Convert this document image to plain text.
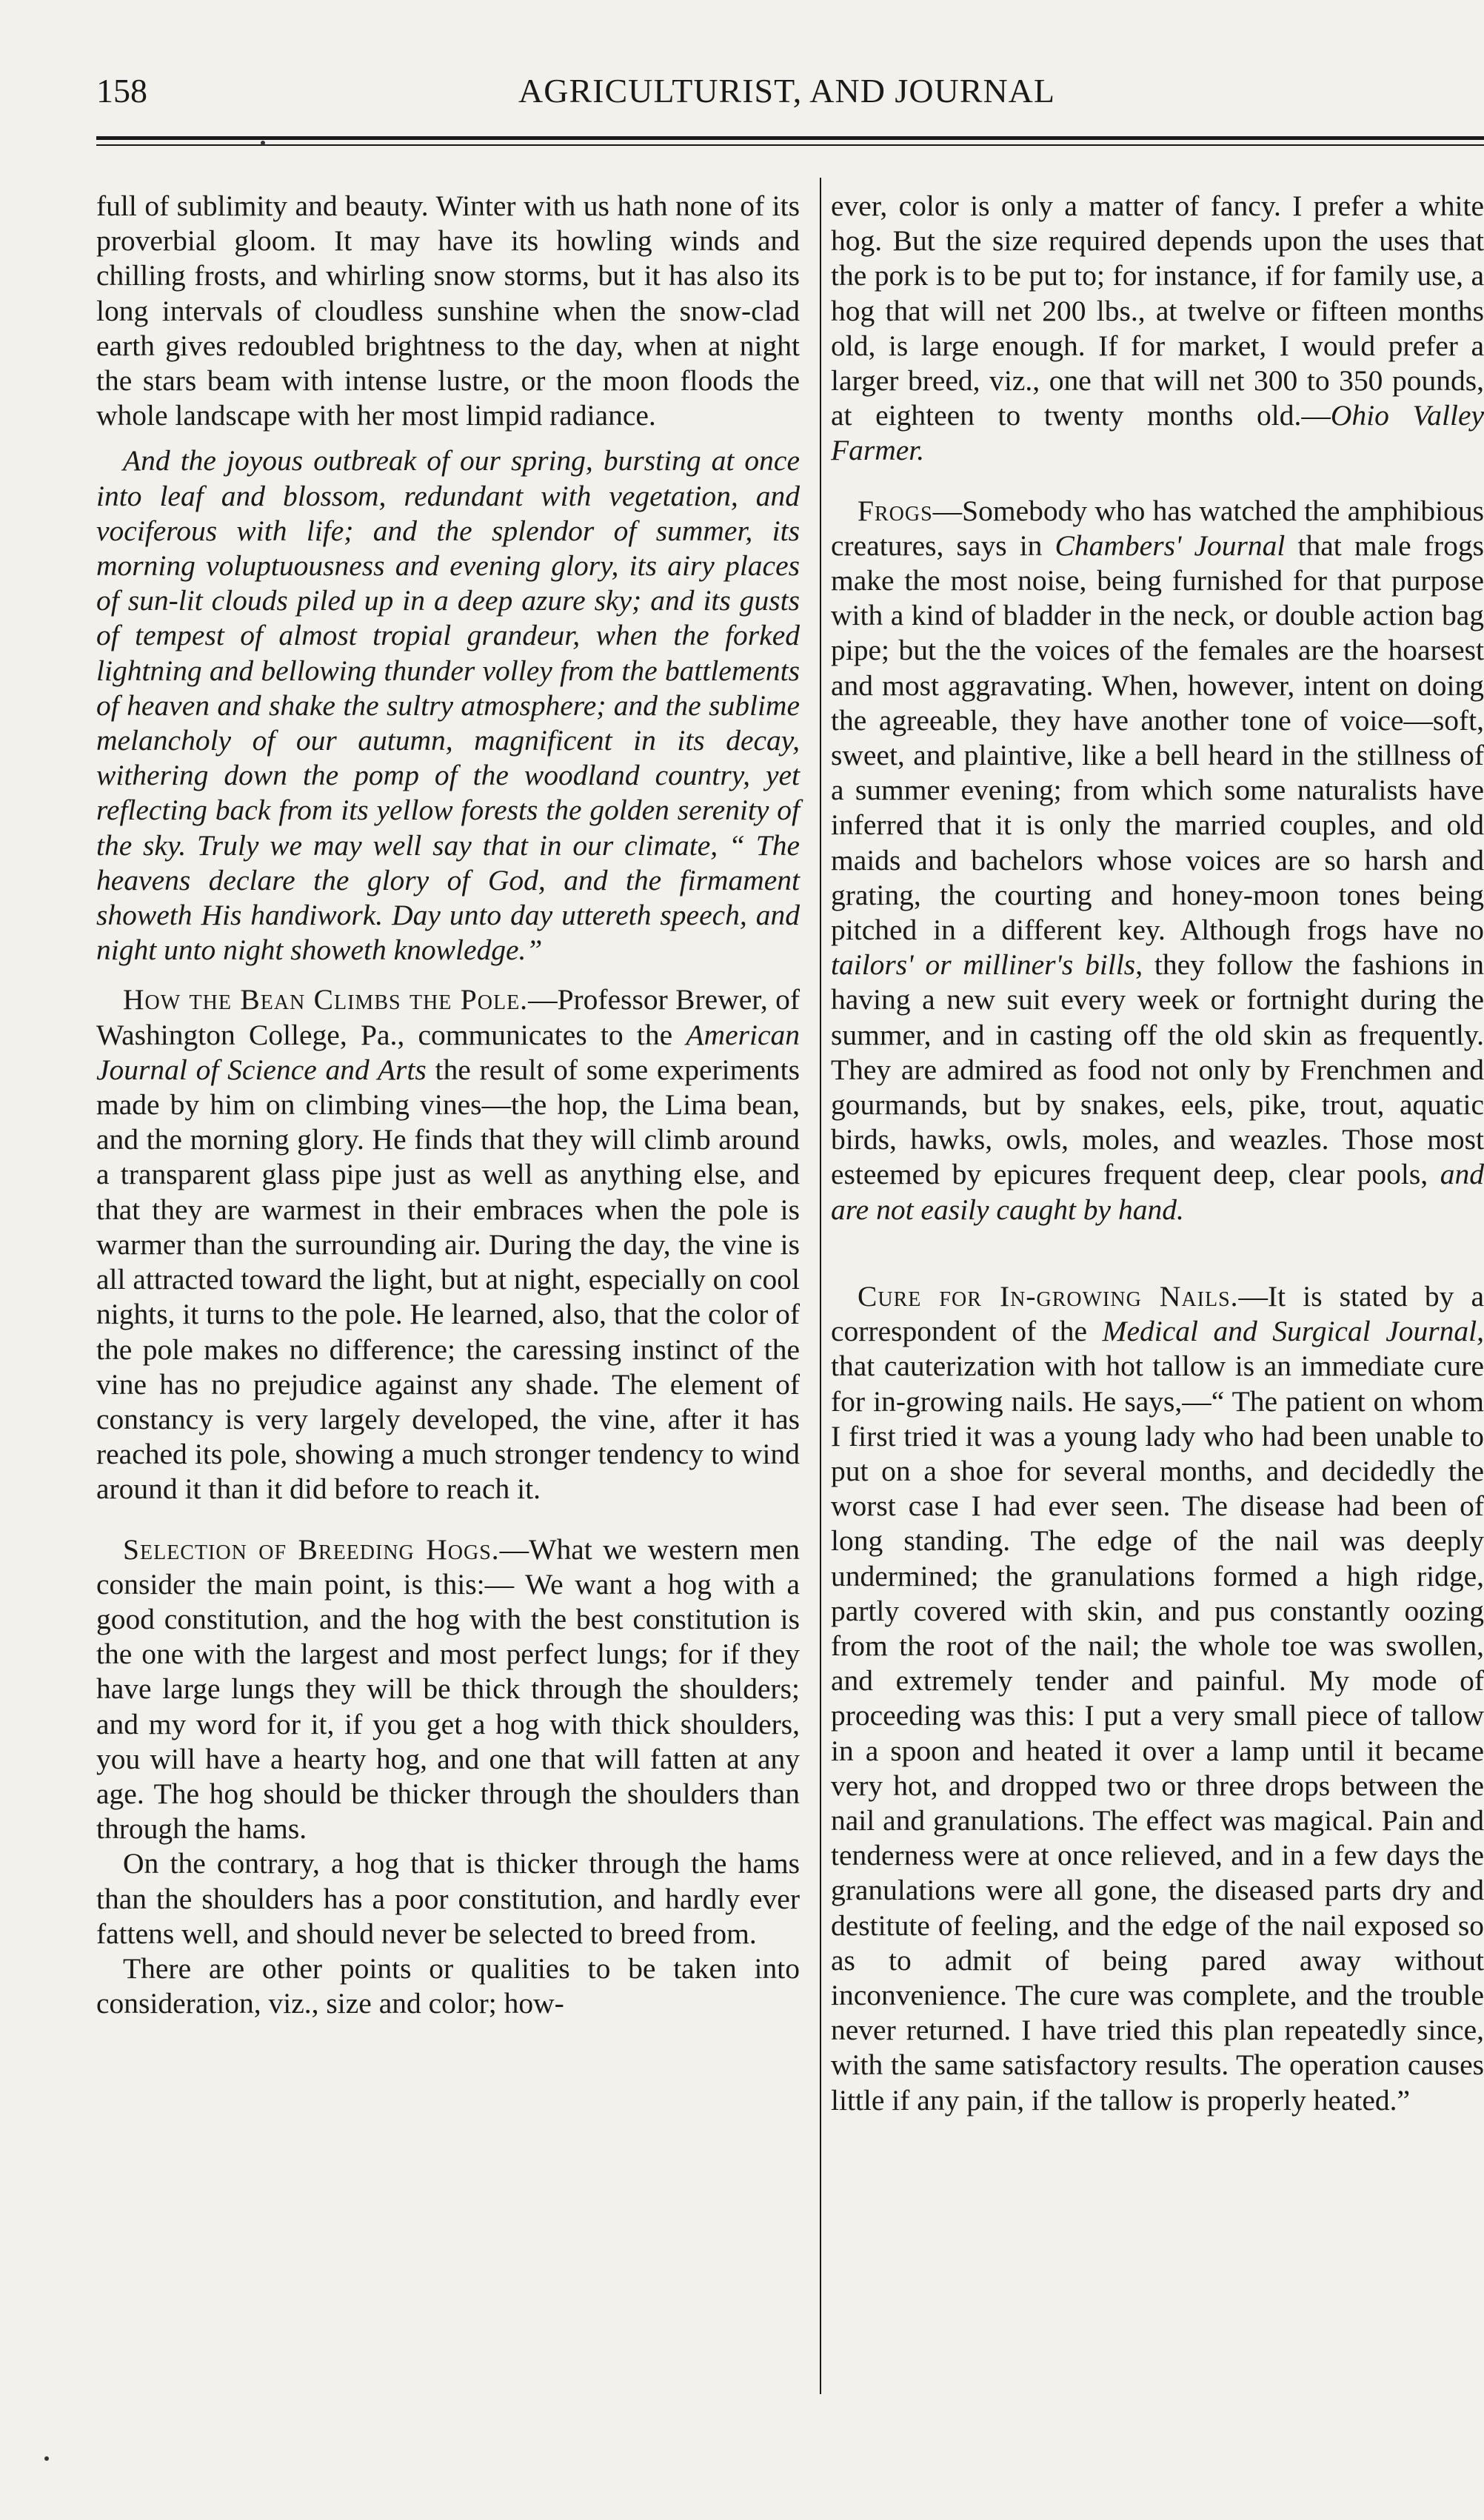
158	AGRICULTURIST, AND JOURNAL

full of sublimity and beauty. Winter with us hath none of its proverbial gloom. It may have its howling winds and chilling frosts, and whirling snow storms, but it has also its long intervals of cloudless sunshine when the snow-clad earth gives redoubled brightness to the day, when at night the stars beam with intense lustre, or the moon floods the whole landscape with her most limpid radiance.

And the joyous outbreak of our spring, bursting at once into leaf and blossom, redundant with vegetation, and vociferous with life; and the splendor of summer, its morning voluptuousness and evening glory, its airy places of sun-lit clouds piled up in a deep azure sky; and its gusts of tempest of almost tropial grandeur, when the forked lightning and bellowing thunder volley from the battlements of heaven and shake the sultry atmosphere; and the sublime melancholy of our autumn, magnificent in its decay, withering down the pomp of the woodland country, yet reflecting back from its yellow forests the golden serenity of the sky. Truly we may well say that in our climate, “ The heavens declare the glory of God, and the firmament showeth His handiwork. Day unto day uttereth speech, and night unto night showeth knowledge.”

How the Bean Climbs the Pole.—Professor Brewer, of Washington College, Pa., communicates to the American Journal of Science and Arts the result of some experiments made by him on climbing vines—the hop, the Lima bean, and the morning glory. He finds that they will climb around a transparent glass pipe just as well as anything else, and that they are warmest in their embraces when the pole is warmer than the surrounding air. During the day, the vine is all attracted toward the light, but at night, especially on cool nights, it turns to the pole. He learned, also, that the color of the pole makes no difference; the caressing instinct of the vine has no prejudice against any shade. The element of constancy is very largely developed, the vine, after it has reached its pole, showing a much stronger tendency to wind around it than it did before to reach it.

Selection of Breeding Hogs.—What we western men consider the main point, is this:— We want a hog with a good constitution, and the hog with the best constitution is the one with the largest and most perfect lungs; for if they have large lungs they will be thick through the shoulders; and my word for it, if you get a hog with thick shoulders, you will have a hearty hog, and one that will fatten at any age. The hog should be thicker through the shoulders than through the hams.

On the contrary, a hog that is thicker through the hams than the shoulders has a poor constitution, and hardly ever fattens well, and should never be selected to breed from.

There are other points or qualities to be taken into consideration, viz., size and color; how-

ever, color is only a matter of fancy. I prefer a white hog. But the size required depends upon the uses that the pork is to be put to; for instance, if for family use, a hog that will net 200 lbs., at twelve or fifteen months old, is large enough. If for market, I would prefer a larger breed, viz., one that will net 300 to 350 pounds, at eighteen to twenty months old.—Ohio Valley Farmer.

Frogs—Somebody who has watched the amphibious creatures, says in Chambers' Journal that male frogs make the most noise, being furnished for that purpose with a kind of bladder in the neck, or double action bag pipe; but the the voices of the females are the hoarsest and most aggravating. When, however, intent on doing the agreeable, they have another tone of voice—soft, sweet, and plaintive, like a bell heard in the stillness of a summer evening; from which some naturalists have inferred that it is only the married couples, and old maids and bachelors whose voices are so harsh and grating, the courting and honey-moon tones being pitched in a different key. Although frogs have no tailors' or milliner's bills, they follow the fashions in having a new suit every week or fortnight during the summer, and in casting off the old skin as frequently. They are admired as food not only by Frenchmen and gourmands, but by snakes, eels, pike, trout, aquatic birds, hawks, owls, moles, and weazles. Those most esteemed by epicures frequent deep, clear pools, and are not easily caught by hand.

Cure for In-growing Nails.—It is stated by a correspondent of the Medical and Surgical Journal, that cauterization with hot tallow is an immediate cure for in-growing nails. He says,—“ The patient on whom I first tried it was a young lady who had been unable to put on a shoe for several months, and decidedly the worst case I had ever seen. The disease had been of long standing. The edge of the nail was deeply undermined; the granulations formed a high ridge, partly covered with skin, and pus constantly oozing from the root of the nail; the whole toe was swollen, and extremely tender and painful. My mode of proceeding was this: I put a very small piece of tallow in a spoon and heated it over a lamp until it became very hot, and dropped two or three drops between the nail and granulations. The effect was magical. Pain and tenderness were at once relieved, and in a few days the granulations were all gone, the diseased parts dry and destitute of feeling, and the edge of the nail exposed so as to admit of being pared away without inconvenience. The cure was complete, and the trouble never returned. I have tried this plan repeatedly since, with the same satisfactory results. The operation causes little if any pain, if the tallow is properly heated.”
